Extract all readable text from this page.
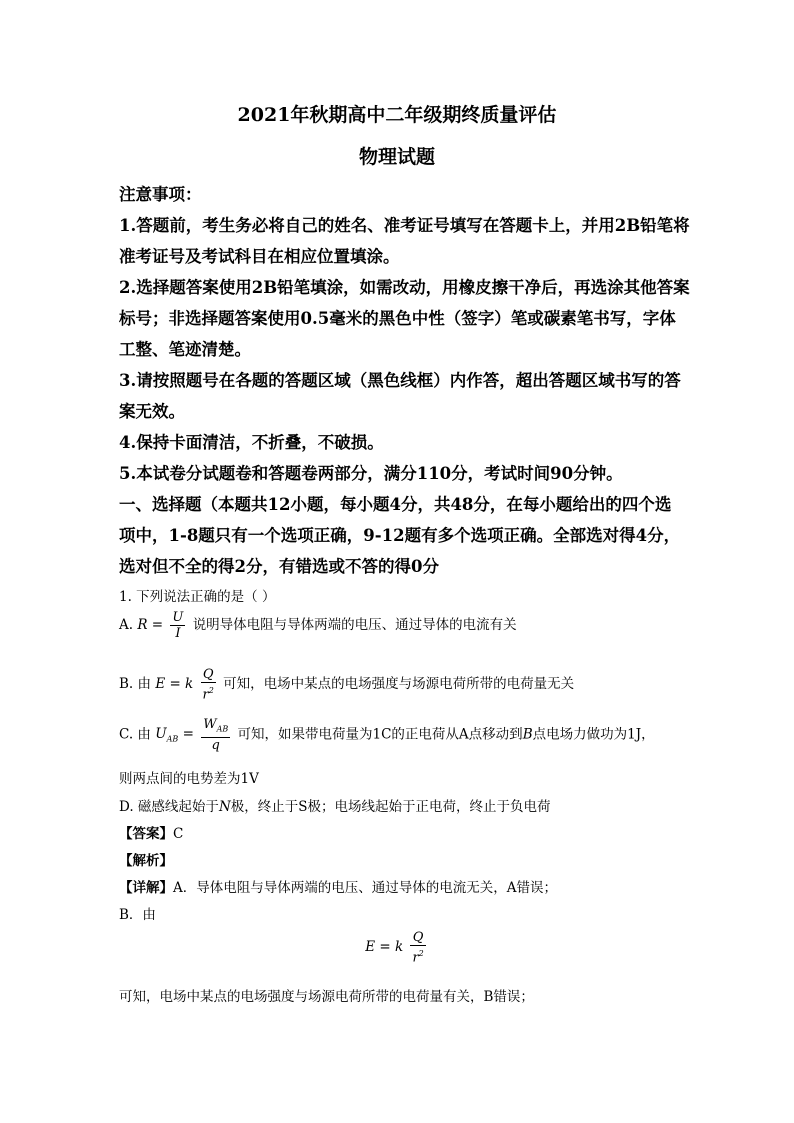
2021年秋期高中二年级期终质量评估
物理试题
注意事项：
1.答题前，考生务必将自己的姓名、准考证号填写在答题卡上，并用2B铅笔将
准考证号及考试科目在相应位置填涂。
2.选择题答案使用2B铅笔填涂，如需改动，用橡皮擦干净后，再选涂其他答案
标号；非选择题答案使用0.5毫米的黑色中性（签字）笔或碳素笔书写，字体
工整、笔迹清楚。
3.请按照题号在各题的答题区域（黑色线框）内作答，超出答题区域书写的答
案无效。
4.保持卡面清洁，不折叠，不破损。
5.本试卷分试题卷和答题卷两部分，满分110分，考试时间90分钟。
一、选择题（本题共12小题，每小题4分，共48分，在每小题给出的四个选
项中，1-8题只有一个选项正确，9-12题有多个选项正确。全部选对得4分，
选对但不全的得2分，有错选或不答的得0分
1. 下列说法正确的是（ ）
A. $R = \frac{U}{I}$ 说明导体电阻与导体两端的电压、通过导体的电流有关
B. 由 E = k $\frac{Q}{r^2}$ 可知，电场中某点的电场强度与场源电荷所带的电荷量无关
C. 由 $U_{AB} = \frac{W_{AB}}{q}$ 可知，如果带电荷量为1C的正电荷从A点移动到B点电场力做功为1J，
则两点间的电势差为1V
D. 磁感线起始于N极，终止于S极；电场线起始于正电荷，终止于负电荷
【答案】C
【解析】
【详解】A．导体电阻与导体两端的电压、通过导体的电流无关，A错误；
B．由
E = k $\frac{Q}{r^2}$
可知，电场中某点的电场强度与场源电荷所带的电荷量有关，B错误；
